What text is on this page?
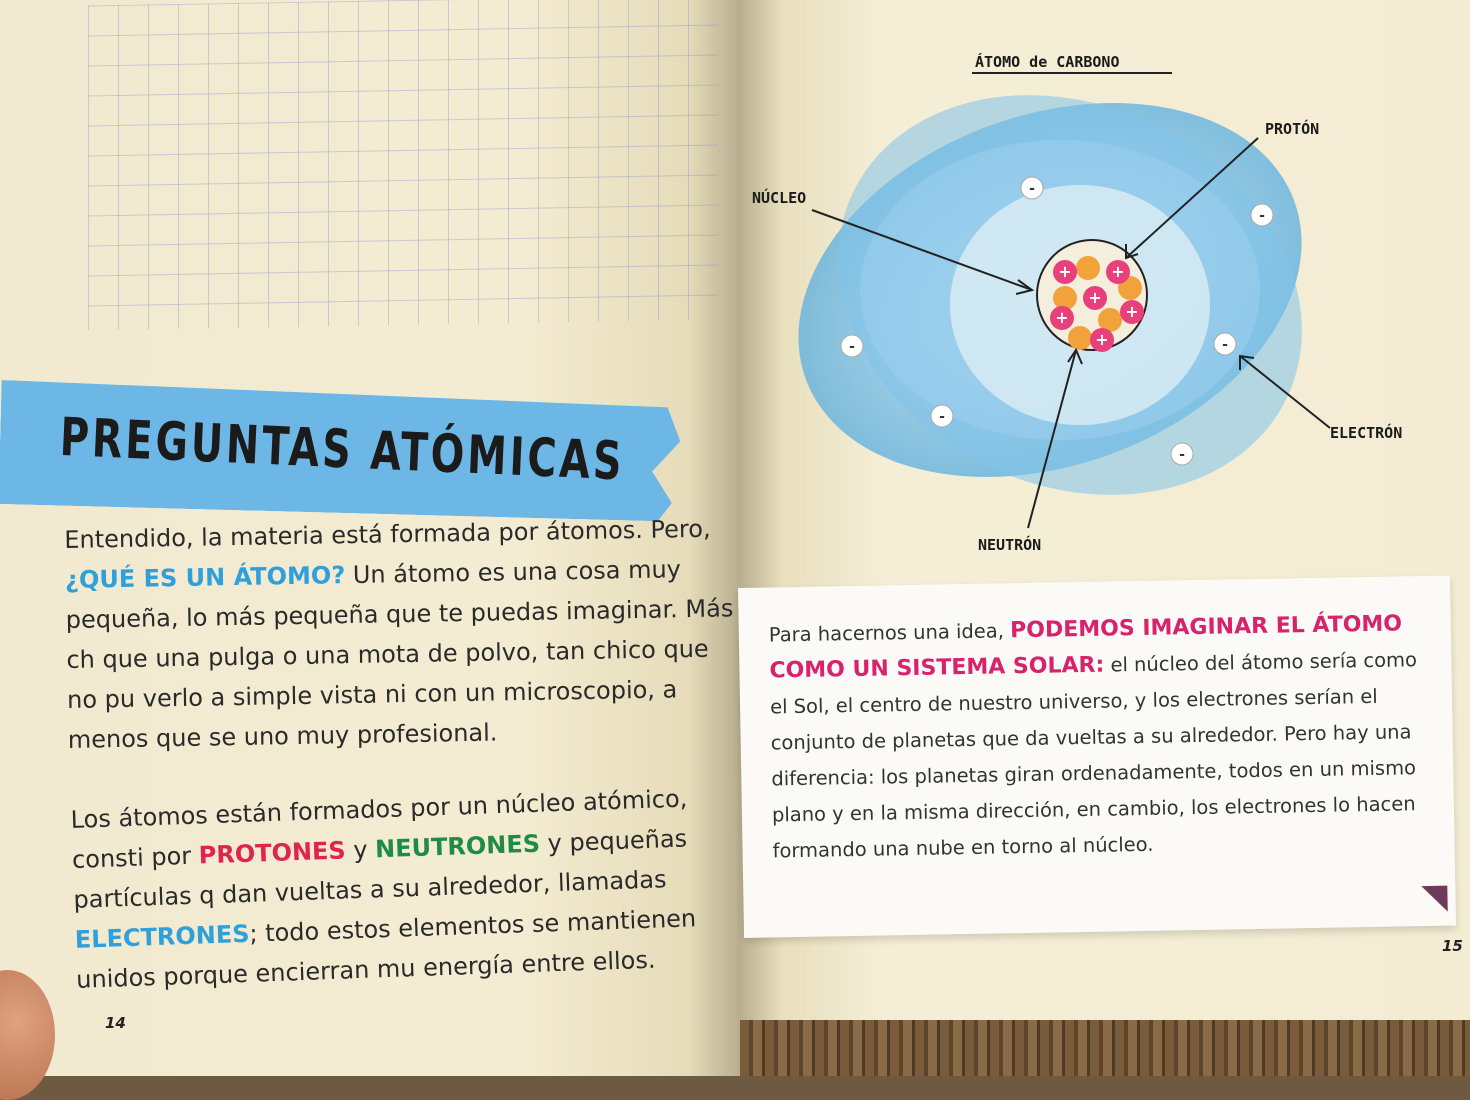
PREGUNTAS ATÓMICAS

Entendido, la materia está formada por átomos. Pero, ¿QUÉ ES UN ÁTOMO? Un átomo es una cosa muy pequeña, lo más pequeña que te puedas imaginar. Más ch que una pulga o una mota de polvo, tan chico que no pu verlo a simple vista ni con un microscopio, a menos que se uno muy profesional.

Los átomos están formados por un núcleo atómico, consti por PROTONES y NEUTRONES y pequeñas partículas q dan vueltas a su alrededor, llamadas ELECTRONES; todo estos elementos se mantienen unidos porque encierran mu energía entre ellos.

14
15
+
+
+
+	+
+
-
-
-	-
-
-
ÁTOMO de CARBONO
PROTÓN
NÚCLEO
ELECTRÓN
NEUTRÓN

Para hacernos una idea, PODEMOS IMAGINAR EL ÁTOMO COMO UN SISTEMA SOLAR: el núcleo del átomo sería como el Sol, el centro de nuestro universo, y los electrones serían el conjunto de planetas que da vueltas a su alrededor. Pero hay una diferencia: los planetas giran ordenadamente, todos en un mismo plano y en la misma dirección, en cambio, los electrones lo hacen formando una nube en torno al núcleo.
